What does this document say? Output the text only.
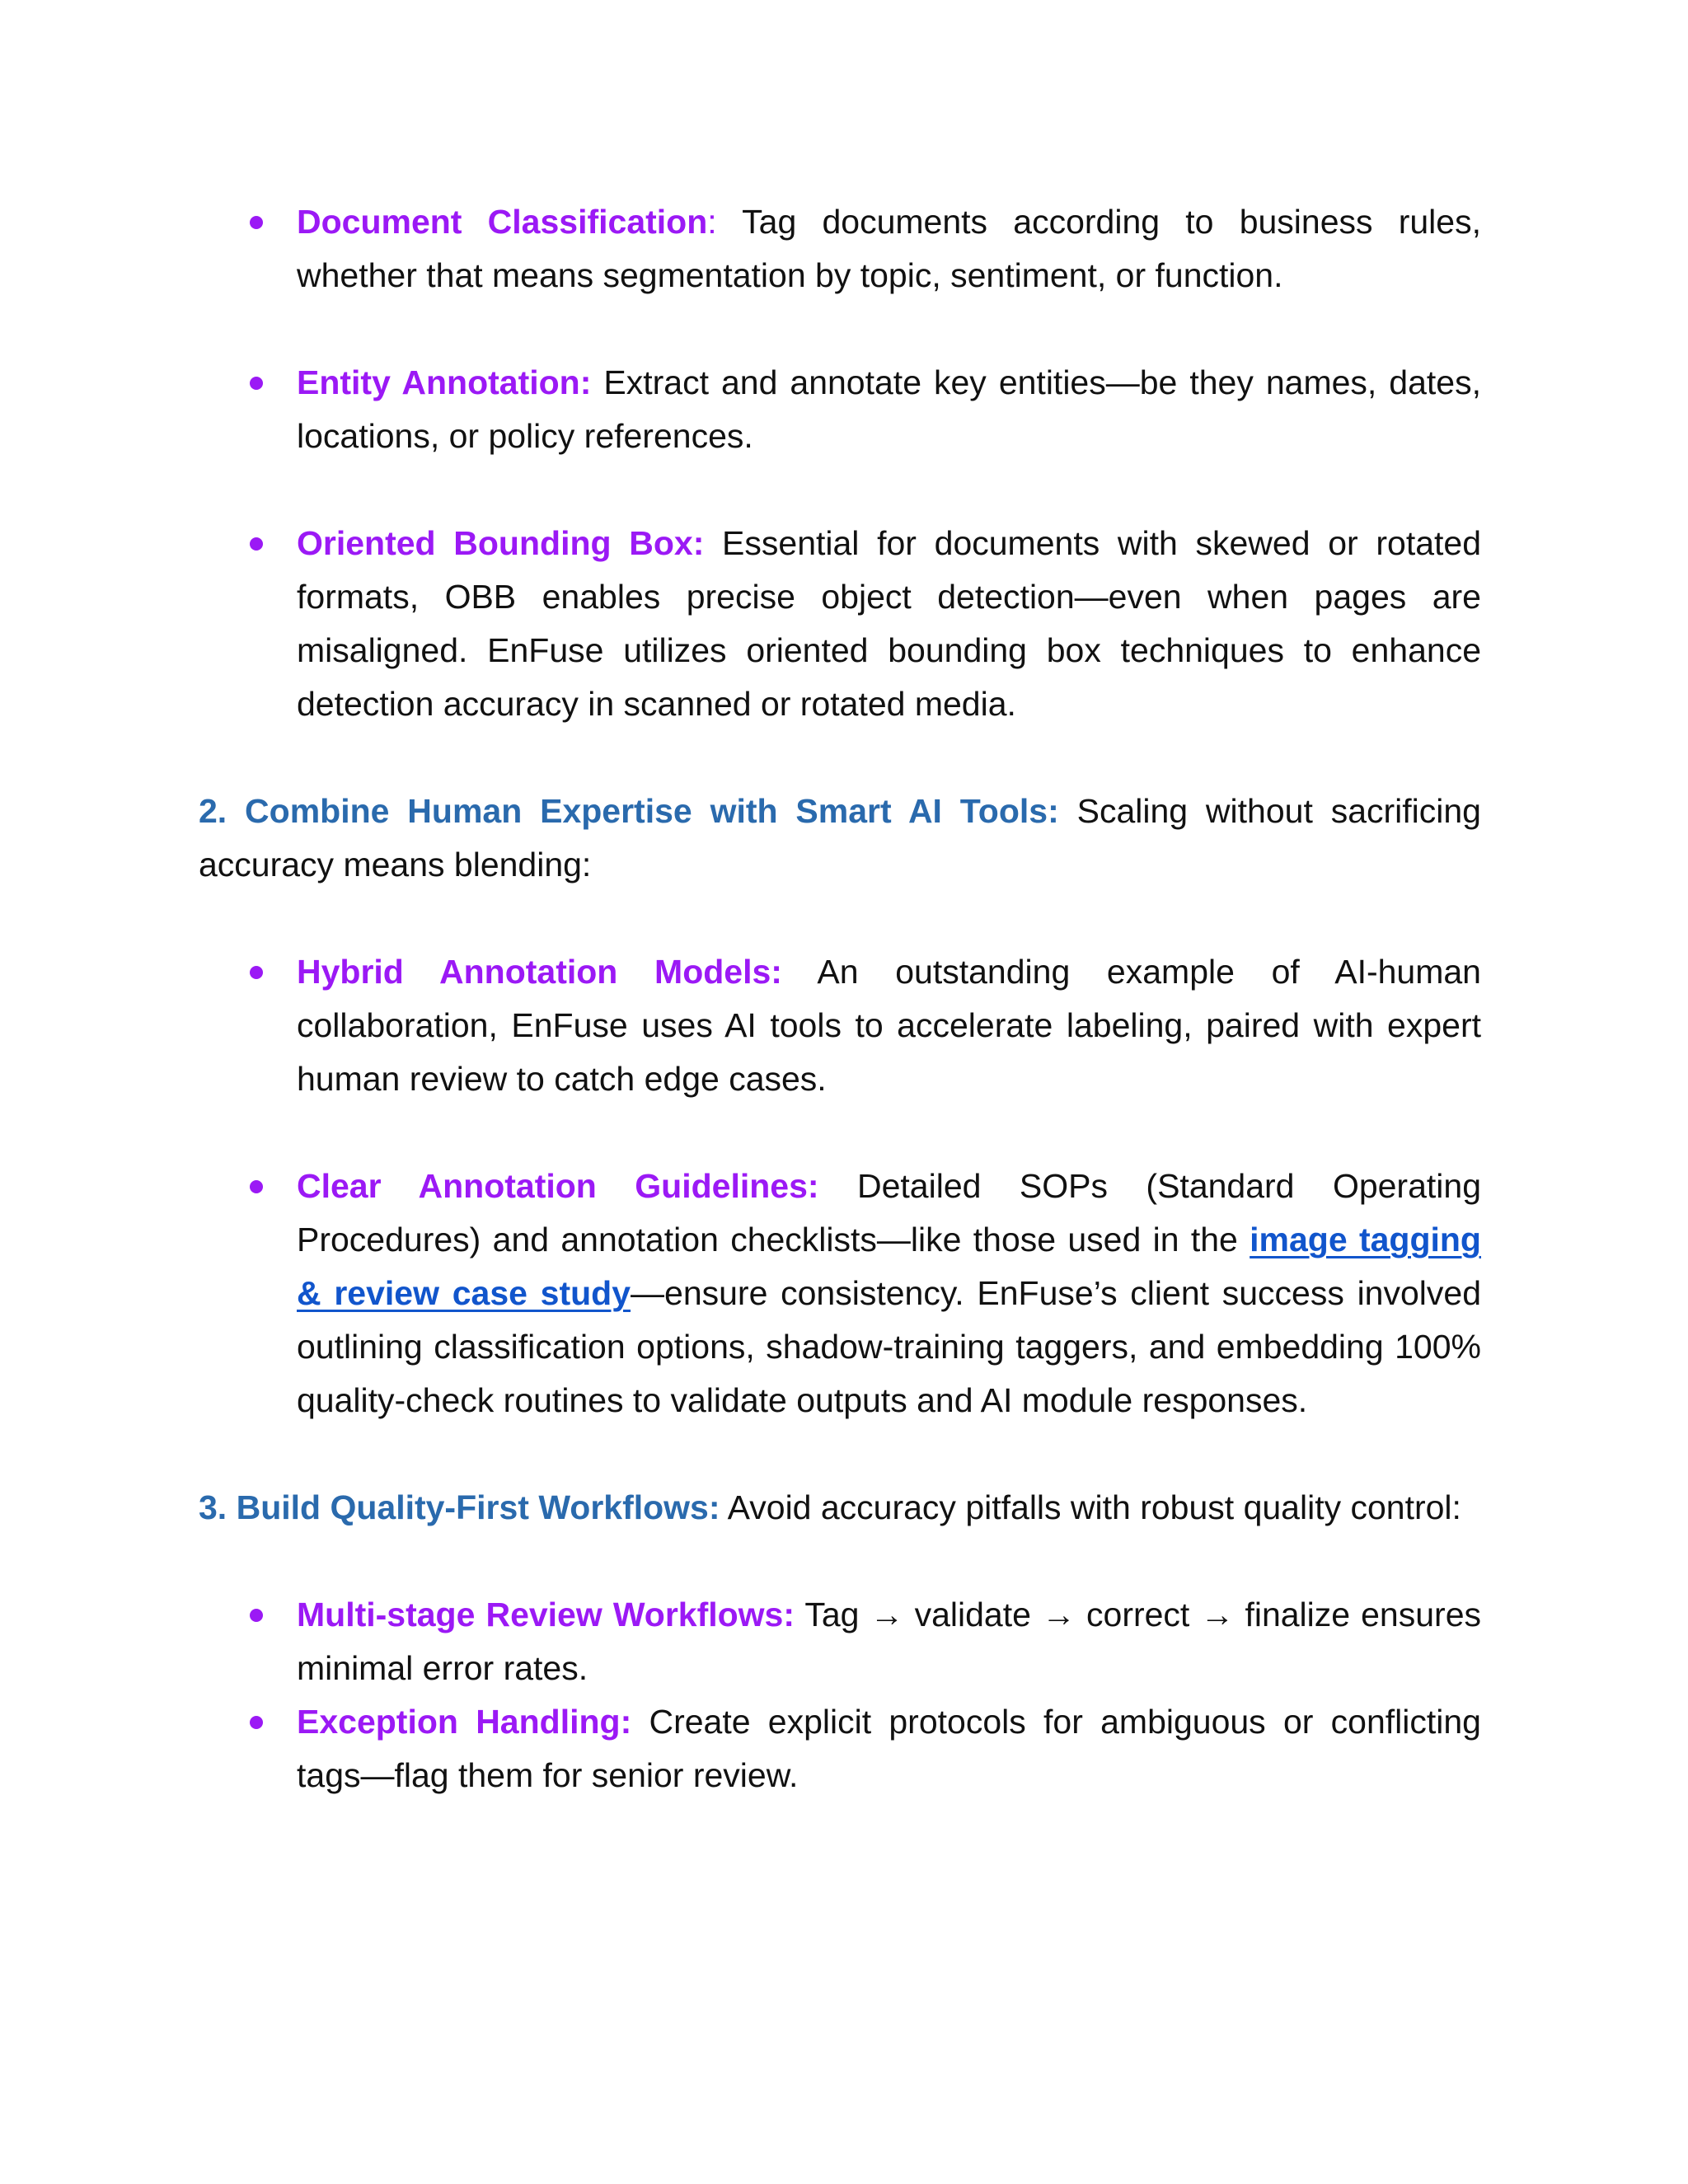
Document Classification: Tag documents according to business rules, whether that means segmentation by topic, sentiment, or function.

Entity Annotation: Extract and annotate key entities—be they names, dates, locations, or policy references.

Oriented Bounding Box: Essential for documents with skewed or rotated formats, OBB enables precise object detection—even when pages are misaligned. EnFuse utilizes oriented bounding box techniques to enhance detection accuracy in scanned or rotated media.

2. Combine Human Expertise with Smart AI Tools: Scaling without sacrificing accuracy means blending:

Hybrid Annotation Models: An outstanding example of AI-human collaboration, EnFuse uses AI tools to accelerate labeling, paired with expert human review to catch edge cases.

Clear Annotation Guidelines: Detailed SOPs (Standard Operating Procedures) and annotation checklists—like those used in the image tagging & review case study—ensure consistency. EnFuse’s client success involved outlining classification options, shadow-training taggers, and embedding 100% quality-check routines to validate outputs and AI module responses.

3. Build Quality-First Workflows: Avoid accuracy pitfalls with robust quality control:

Multi-stage Review Workflows: Tag → validate → correct → finalize ensures minimal error rates.

Exception Handling: Create explicit protocols for ambiguous or conflicting tags—flag them for senior review.
